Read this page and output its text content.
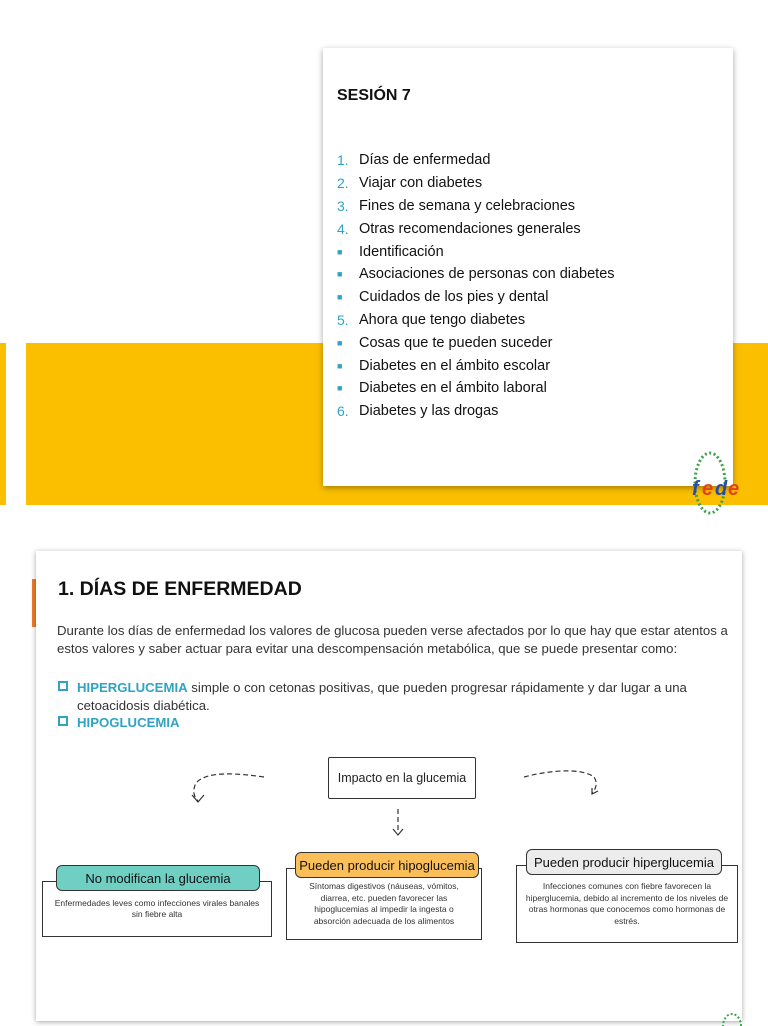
SESIÓN 7
1. Días de enfermedad
2. Viajar con diabetes
3. Fines de semana y celebraciones
4. Otras recomendaciones generales
■	Identificación
■	Asociaciones de personas con diabetes
■	Cuidados de los pies y dental
5. Ahora que tengo diabetes
■	Cosas que te pueden suceder
■	Diabetes en el ámbito escolar
■	Diabetes en el ámbito laboral
6. Diabetes y las drogas
f e d e
1. DÍAS DE ENFERMEDAD

Durante los días de enfermedad los valores de glucosa pueden verse afectados por lo que hay que estar atentos a estos valores y saber actuar para evitar una descompensación metabólica, que se puede presentar como:

HIPERGLUCEMIA simple o con cetonas positivas, que pueden progresar rápidamente y dar lugar a una cetoacidosis diabética.
HIPOGLUCEMIA
Impacto en la glucemia
No modifican la glucemia
Enfermedades leves como infecciones virales banales sin fiebre alta
Pueden producir hipoglucemia
Síntomas digestivos (náuseas, vómitos, diarrea, etc. pueden favorecer las hipoglucemias al impedir la ingesta o absorción adecuada de los alimentos
Pueden producir hiperglucemia
Infecciones comunes con fiebre favorecen la hiperglucemia, debido al incremento de los niveles de otras hormonas que conocemos como hormonas de estrés.
